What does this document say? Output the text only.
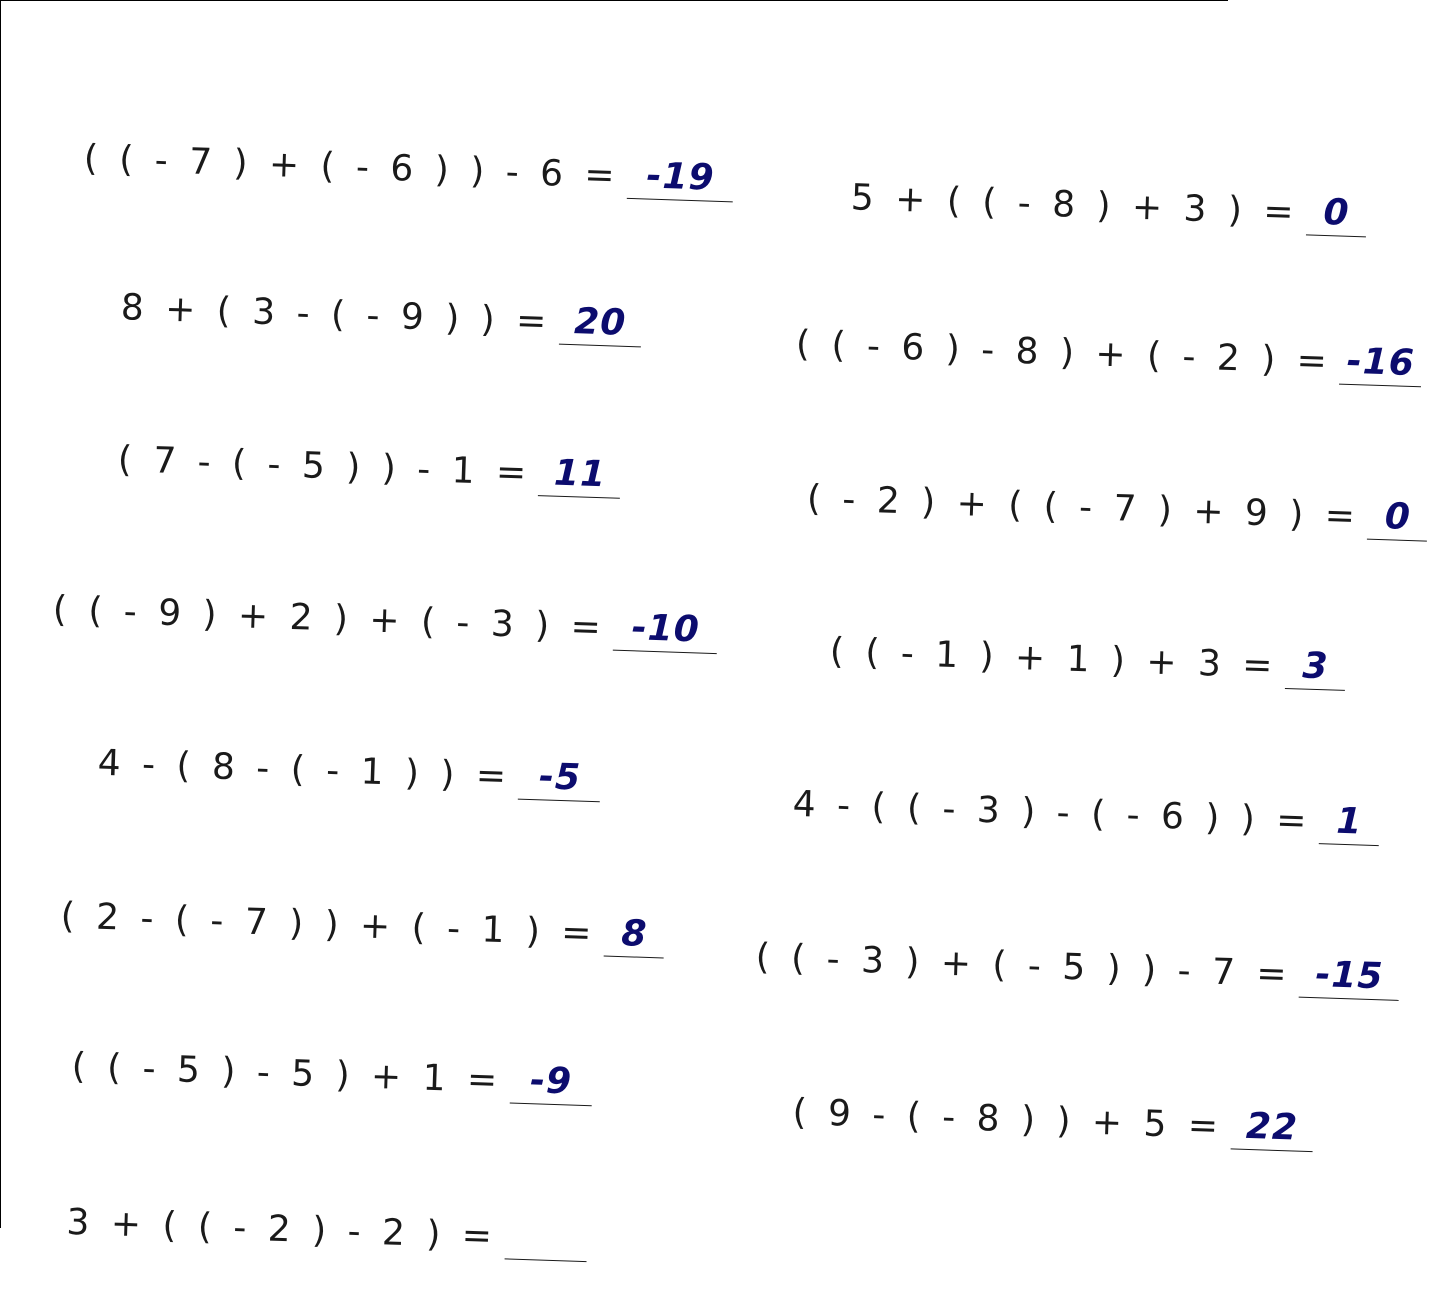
( ( - 7 ) + ( - 6 ) ) - 6 = -19
8 + ( 3 - ( - 9 ) ) = 20
( 7 - ( - 5 ) ) - 1 = 11
( ( - 9 ) + 2 ) + ( - 3 ) = -10
4 - ( 8 - ( - 1 ) ) = -5
( 2 - ( - 7 ) ) + ( - 1 ) = 8
( ( - 5 ) - 5 ) + 1 = -9
3 + ( ( - 2 ) - 2 ) =
5 + ( ( - 8 ) + 3 ) = 0
( ( - 6 ) - 8 ) + ( - 2 ) = -16
( - 2 ) + ( ( - 7 ) + 9 ) = 0
( ( - 1 ) + 1 ) + 3 = 3
4 - ( ( - 3 ) - ( - 6 ) ) = 1
( ( - 3 ) + ( - 5 ) ) - 7 = -15
( 9 - ( - 8 ) ) + 5 = 22
